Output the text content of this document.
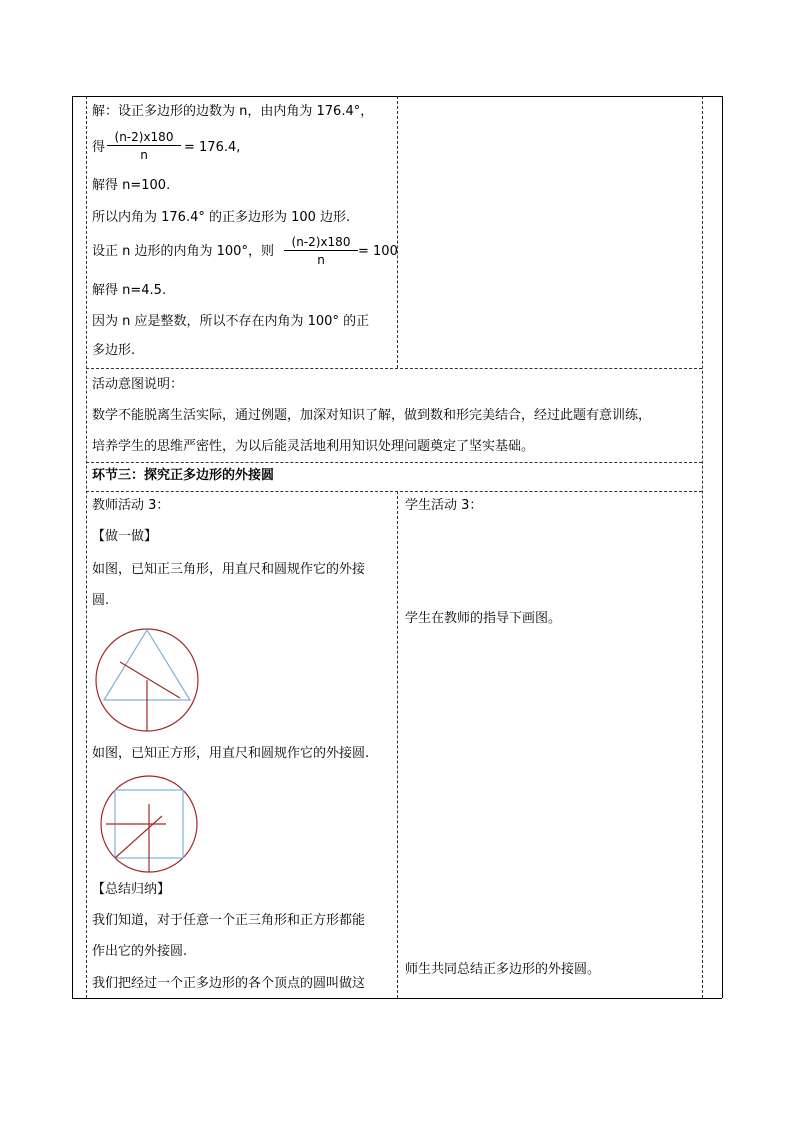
解：设正多边形的边数为 n，由内角为 176.4°，
得 $\frac{(n-2)x180}{n} = 176.4$,
解得 n=100.
所以内角为 176.4° 的正多边形为 100 边形.
设正 n 边形的内角为 100°，则 $\frac{(n-2)x180}{n} = 100$
解得 n=4.5.
因为 n 应是整数，所以不存在内角为 100° 的正
多边形.
活动意图说明：
数学不能脱离生活实际，通过例题，加深对知识了解，做到数和形完美结合，经过此题有意训练，
培养学生的思维严密性，为以后能灵活地利用知识处理问题奠定了坚实基础。
环节三：探究正多边形的外接圆
教师活动 3：
【做一做】
如图，已知正三角形，用直尺和圆规作它的外接
圆.
如图，已知正方形，用直尺和圆规作它的外接圆.
【总结归纳】
我们知道，对于任意一个正三角形和正方形都能
作出它的外接圆.
我们把经过一个正多边形的各个顶点的圆叫做这
学生活动 3：
学生在教师的指导下画图。
师生共同总结正多边形的外接圆。
